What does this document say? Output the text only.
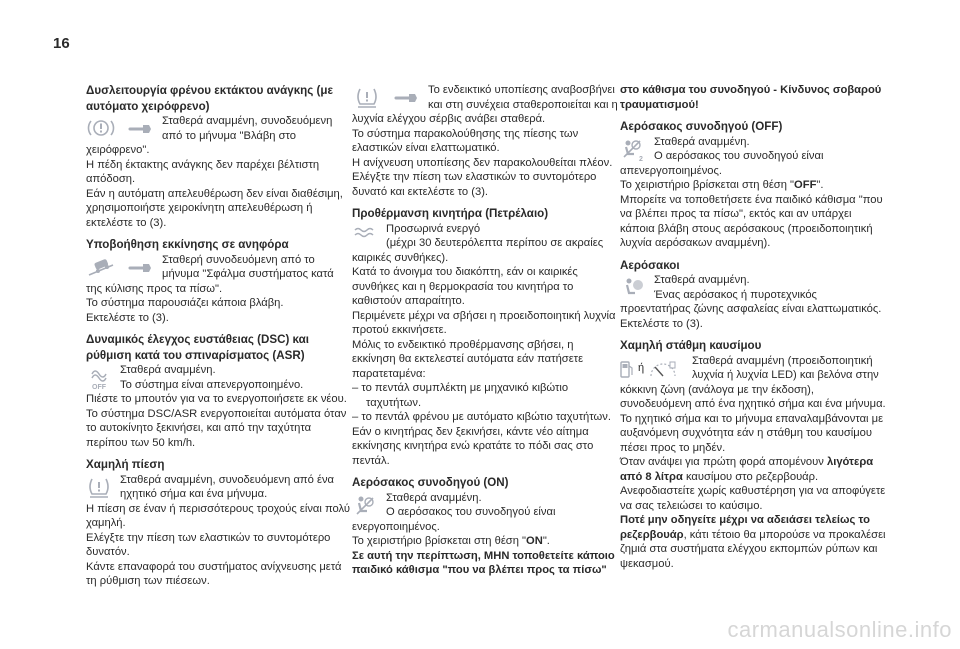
16

Δυσλειτουργία φρένου εκτάκτου ανάγκης (με αυτόματο χειρόφρενο)

Σταθερά αναμμένη, συνοδευόμενη από το μήνυμα "Βλάβη στο χειρόφρενο".

Η πέδη έκτακτης ανάγκης δεν παρέχει βέλτιστη απόδοση.

Εάν η αυτόματη απελευθέρωση δεν είναι διαθέσιμη, χρησιμοποιήστε χειροκίνητη απελευθέρωση ή εκτελέστε το (3).

Υποβοήθηση εκκίνησης σε ανηφόρα

Σταθερή συνοδευόμενη από το μήνυμα "Σφάλμα συστήματος κατά της κύλισης προς τα πίσω".

Το σύστημα παρουσιάζει κάποια βλάβη.

Εκτελέστε το (3).

Δυναμικός έλεγχος ευστάθειας (DSC) και ρύθμιση κατά του σπιναρίσματος (ASR)

OFF

Σταθερά αναμμένη.

Το σύστημα είναι απενεργοποιημένο.

Πιέστε το μπουτόν για να το ενεργοποιήσετε εκ νέου.

Το σύστημα DSC/ASR ενεργοποιείται αυτόματα όταν το αυτοκίνητο ξεκινήσει, και από την ταχύτητα περίπου των 50 km/h.

Χαμηλή πίεση

Σταθερά αναμμένη, συνοδευόμενη από ένα ηχητικό σήμα και ένα μήνυμα.

Η πίεση σε έναν ή περισσότερους τροχούς είναι πολύ χαμηλή.

Ελέγξτε την πίεση των ελαστικών το συντομότερο δυνατόν.

Κάντε επαναφορά του συστήματος ανίχνευσης μετά τη ρύθμιση των πιέσεων.

Το ενδεικτικό υποπίεσης αναβοσβήνει και στη συνέχεια σταθεροποιείται και η λυχνία ελέγχου σέρβις ανάβει σταθερά.

Το σύστημα παρακολούθησης της πίεσης των ελαστικών είναι ελαττωματικό.

Η ανίχνευση υποπίεσης δεν παρακολουθείται πλέον.

Ελέγξτε την πίεση των ελαστικών το συντομότερο δυνατό και εκτελέστε το (3).

Προθέρμανση κινητήρα (Πετρέλαιο)

Προσωρινά ενεργό

(μέχρι 30 δευτερόλεπτα περίπου σε ακραίες καιρικές συνθήκες).

Κατά το άνοιγμα του διακόπτη, εάν οι καιρικές συνθήκες και η θερμοκρασία του κινητήρα το καθιστούν απαραίτητο.

Περιμένετε μέχρι να σβήσει η προειδοποιητική λυχνία προτού εκκινήσετε.

Μόλις το ενδεικτικό προθέρμανσης σβήσει, η εκκίνηση θα εκτελεστεί αυτόματα εάν πατήσετε παρατεταμένα:

– το πεντάλ συμπλέκτη με μηχανικό κιβώτιο ταχυτήτων.

– το πεντάλ φρένου με αυτόματο κιβώτιο ταχυτήτων.

Εάν ο κινητήρας δεν ξεκινήσει, κάντε νέο αίτημα εκκίνησης κινητήρα ενώ κρατάτε το πόδι σας στο πεντάλ.

Αερόσακος συνοδηγού (ON)

Σταθερά αναμμένη.

Ο αερόσακος του συνοδηγού είναι ενεργοποιημένος.

Το χειριστήριο βρίσκεται στη θέση "ON".

Σε αυτή την περίπτωση, ΜΗΝ τοποθετείτε κάποιο παιδικό κάθισμα "που να βλέπει προς τα πίσω"

στο κάθισμα του συνοδηγού - Κίνδυνος σοβαρού τραυματισμού!

Αερόσακος συνοδηγού (OFF)

2

Σταθερά αναμμένη.

Ο αερόσακος του συνοδηγού είναι απενεργοποιημένος.

Το χειριστήριο βρίσκεται στη θέση "OFF".

Μπορείτε να τοποθετήσετε ένα παιδικό κάθισμα "που να βλέπει προς τα πίσω", εκτός και αν υπάρχει κάποια βλάβη στους αερόσακους (προειδοποιητική λυχνία αερόσακων αναμμένη).

Αερόσακοι

Σταθερά αναμμένη.

Ένας αερόσακος ή πυροτεχνικός προεντατήρας ζώνης ασφαλείας είναι ελαττωματικός.

Εκτελέστε το (3).

Χαμηλή στάθμη καυσίμου

ή

Σταθερά αναμμένη (προειδοποιητική λυχνία ή λυχνία LED) και βελόνα στην κόκκινη ζώνη (ανάλογα με την έκδοση), συνοδευόμενη από ένα ηχητικό σήμα και ένα μήνυμα.

Το ηχητικό σήμα και το μήνυμα επαναλαμβάνονται με αυξανόμενη συχνότητα εάν η στάθμη του καυσίμου πέσει προς το μηδέν.

Όταν ανάψει για πρώτη φορά απομένουν λιγότερα από 8 λίτρα καυσίμου στο ρεζερβουάρ.

Ανεφοδιαστείτε χωρίς καθυστέρηση για να αποφύγετε να σας τελειώσει το καύσιμο.

Ποτέ μην οδηγείτε μέχρι να αδειάσει τελείως το ρεζερβουάρ, κάτι τέτοιο θα μπορούσε να προκαλέσει ζημιά στα συστήματα ελέγχου εκπομπών ρύπων και ψεκασμού.

carmanualsonline.info
